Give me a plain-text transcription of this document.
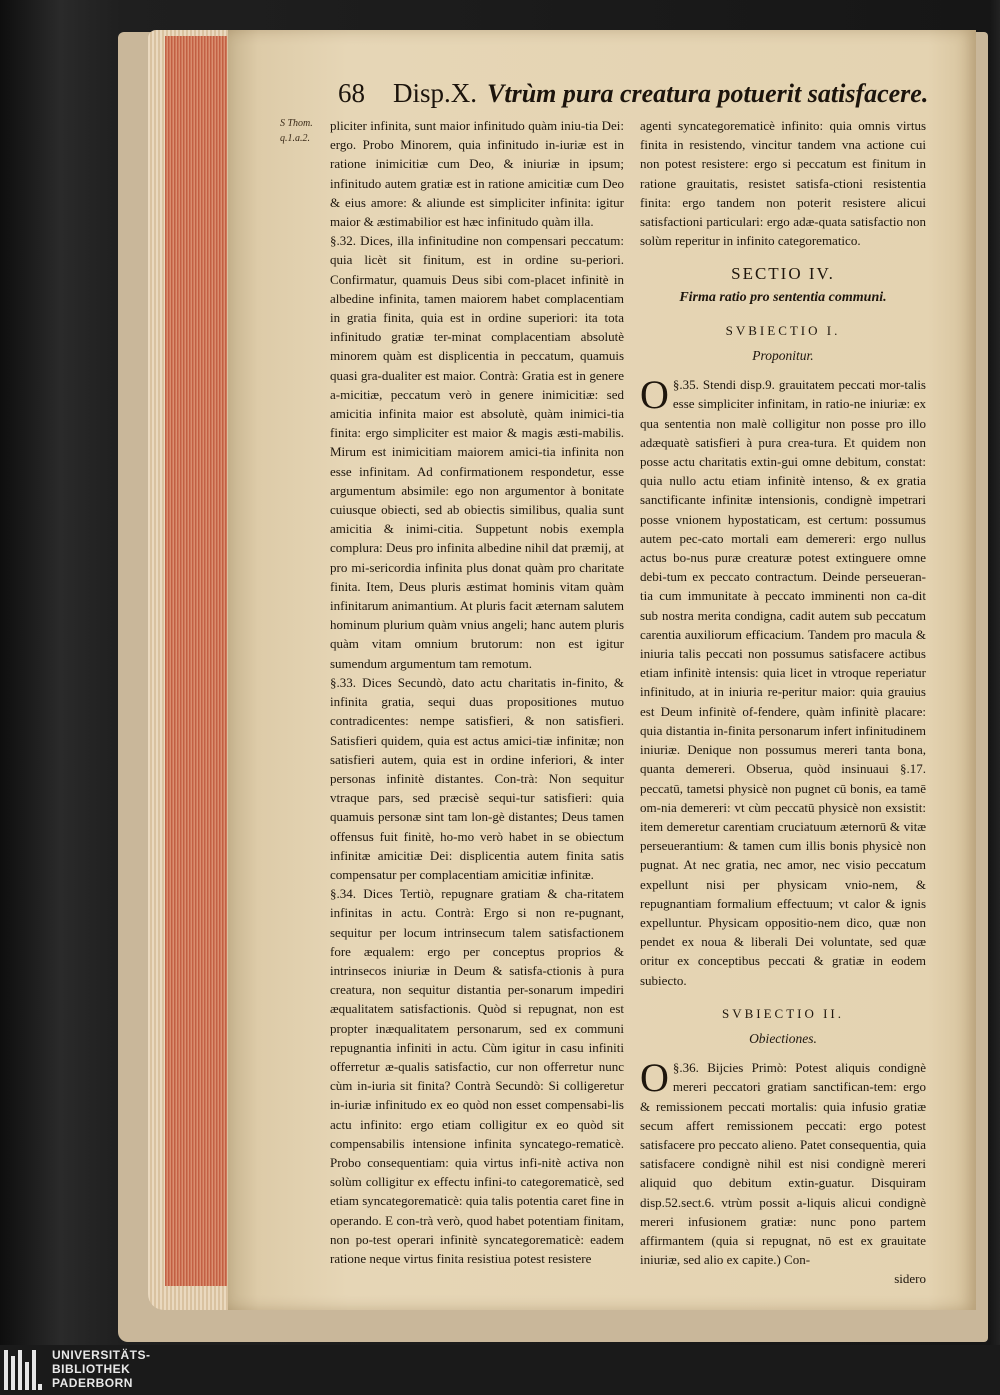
68 Disp.X. Vtrùm pura creatura potuerit satisfacere.
S Thom. q.1.a.2.

pliciter infinita, sunt maior infinitudo quàm iniu-tia Dei: ergo. Probo Minorem, quia infinitudo in-iuriæ est in ratione inimicitiæ cum Deo, & iniuriæ in ipsum; infinitudo autem gratiæ est in ratione amicitiæ cum Deo & eius amore: & aliunde est simpliciter infinita: igitur maior & æstimabilior est hæc infinitudo quàm illa.

§.32. Dices, illa infinitudine non compensari peccatum: quia licèt sit finitum, est in ordine su-periori. Confirmatur, quamuis Deus sibi com-placet infinitè in albedine infinita, tamen maiorem habet complacentiam in gratia finita, quia est in ordine superiori: ita tota infinitudo gratiæ ter-minat complacentiam absolutè minorem quàm est displicentia in peccatum, quamuis quasi gra-dualiter est maior. Contrà: Gratia est in genere a-micitiæ, peccatum verò in genere inimicitiæ: sed amicitia infinita maior est absolutè, quàm inimici-tia finita: ergo simpliciter est maior & magis æsti-mabilis. Mirum est inimicitiam maiorem amici-tia infinita non esse infinitam. Ad confirmationem respondetur, esse argumentum absimile: ego non argumentor à bonitate cuiusque obiecti, sed ab obiectis similibus, qualia sunt amicitia & inimi-citia. Suppetunt nobis exempla complura: Deus pro infinita albedine nihil dat præmij, at pro mi-sericordia infinita plus donat quàm pro charitate finita. Item, Deus pluris æstimat hominis vitam quàm infinitarum animantium. At pluris facit æternam salutem hominum plurium quàm vnius angeli; hanc autem pluris quàm vitam omnium brutorum: non est igitur sumendum argumentum tam remotum.

§.33. Dices Secundò, dato actu charitatis in-finito, & infinita gratia, sequi duas propositiones mutuo contradicentes: nempe satisfieri, & non satisfieri. Satisfieri quidem, quia est actus amici-tiæ infinitæ; non satisfieri autem, quia est in ordine inferiori, & inter personas infinitè distantes. Con-trà: Non sequitur vtraque pars, sed præcisè sequi-tur satisfieri: quia quamuis personæ sint tam lon-gè distantes; Deus tamen offensus fuit finitè, ho-mo verò habet in se obiectum infinitæ amicitiæ Dei: displicentia autem finita satis compensatur per complacentiam amicitiæ infinitæ.

§.34. Dices Tertiò, repugnare gratiam & cha-ritatem infinitas in actu. Contrà: Ergo si non re-pugnant, sequitur per locum intrinsecum talem satisfactionem fore æqualem: ergo per conceptus proprios & intrinsecos iniuriæ in Deum & satisfa-ctionis à pura creatura, non sequitur distantia per-sonarum impediri æqualitatem satisfactionis. Quòd si repugnat, non est propter inæqualitatem personarum, sed ex communi repugnantia infiniti in actu. Cùm igitur in casu infiniti offerretur æ-qualis satisfactio, cur non offerretur nunc cùm in-iuria sit finita? Contrà Secundò: Si colligeretur in-iuriæ infinitudo ex eo quòd non esset compensabi-lis actu infinito: ergo etiam colligitur ex eo quòd sit compensabilis intensione infinita syncatego-rematicè. Probo consequentiam: quia virtus infi-nitè activa non solùm colligitur ex effectu infini-to categorematicè, sed etiam syncategorematicè: quia talis potentia caret fine in operando. E con-trà verò, quod habet potentiam finitam, non po-test operari infinitè syncategorematicè: eadem ratione neque virtus finita resistiua potest resistere

agenti syncategorematicè infinito: quia omnis virtus finita in resistendo, vincitur tandem vna actione cui non potest resistere: ergo si peccatum est finitum in ratione grauitatis, resistet satisfa-ctioni resistentia finita: ergo tandem non poterit resistere alicui satisfactioni particulari: ergo adæ-quata satisfactio non solùm reperitur in infinito categorematico.

SECTIO IV.
Firma ratio pro sententia communi.
SVBIECTIO I.
Proponitur.

§.35.
O	Stendi disp.9. grauitatem peccati mor-talis esse simpliciter infinitam, in ratio-ne iniuriæ: ex qua sententia non malè colligitur non posse pro illo adæquatè satisfieri à pura crea-tura. Et quidem non posse actu charitatis extin-gui omne debitum, constat: quia nullo actu etiam infinitè intenso, & ex gratia sanctificante infinitæ intensionis, condignè impetrari posse vnionem hypostaticam, est certum: possumus autem pec-cato mortali eam demereri: ergo nullus actus bo-nus puræ creaturæ potest extinguere omne debi-tum ex peccato contractum. Deinde perseueran-tia cum immunitate à peccato imminenti non ca-dit sub nostra merita condigna, cadit autem sub peccatum carentia auxiliorum efficacium. Tandem pro macula & iniuria talis peccati non possumus satisfacere actibus etiam infinitè intensis: quia licet in vtroque reperiatur infinitudo, at in iniuria re-peritur maior: quia grauius est Deum infinitè of-fendere, quàm infinitè placare: quia distantia in-finita personarum infert infinitudinem iniuriæ. Denique non possumus mereri tanta bona, quanta demereri. Obserua, quòd insinuaui §.17. peccatū, tametsi physicè non pugnet cū bonis, ea tamē om-nia demereri: vt cùm peccatū physicè non exsistit: item demeretur carentiam cruciatuum æternorū & vitæ perseuerantium: & tamen cum illis bonis physicè non pugnat. At nec gratia, nec amor, nec visio peccatum expellunt nisi per physicam vnio-nem, & repugnantiam formalium effectuum; vt calor & ignis expelluntur. Physicam oppositio-nem dico, quæ non pendet ex noua & liberali Dei voluntate, sed quæ oritur ex conceptibus peccati & gratiæ in eodem subiecto.

SVBIECTIO II.
Obiectiones.

§.36.
O	Bijcies Primò: Potest aliquis condignè mereri peccatori gratiam sanctifican-tem: ergo & remissionem peccati mortalis: quia infusio gratiæ secum affert remissionem peccati: ergo potest satisfacere pro peccato alieno. Patet consequentia, quia satisfacere condignè nihil est nisi condignè mereri aliquid quo debitum extin-guatur. Disquiram disp.52.sect.6. vtrùm possit a-liquis alicui condignè mereri infusionem gratiæ: nunc pono partem affirmantem (quia si repugnat, nō est ex grauitate iniuriæ, sed alio ex capite.) Con-

sidero
UNIVERSITÄTS-
BIBLIOTHEK
PADERBORN
